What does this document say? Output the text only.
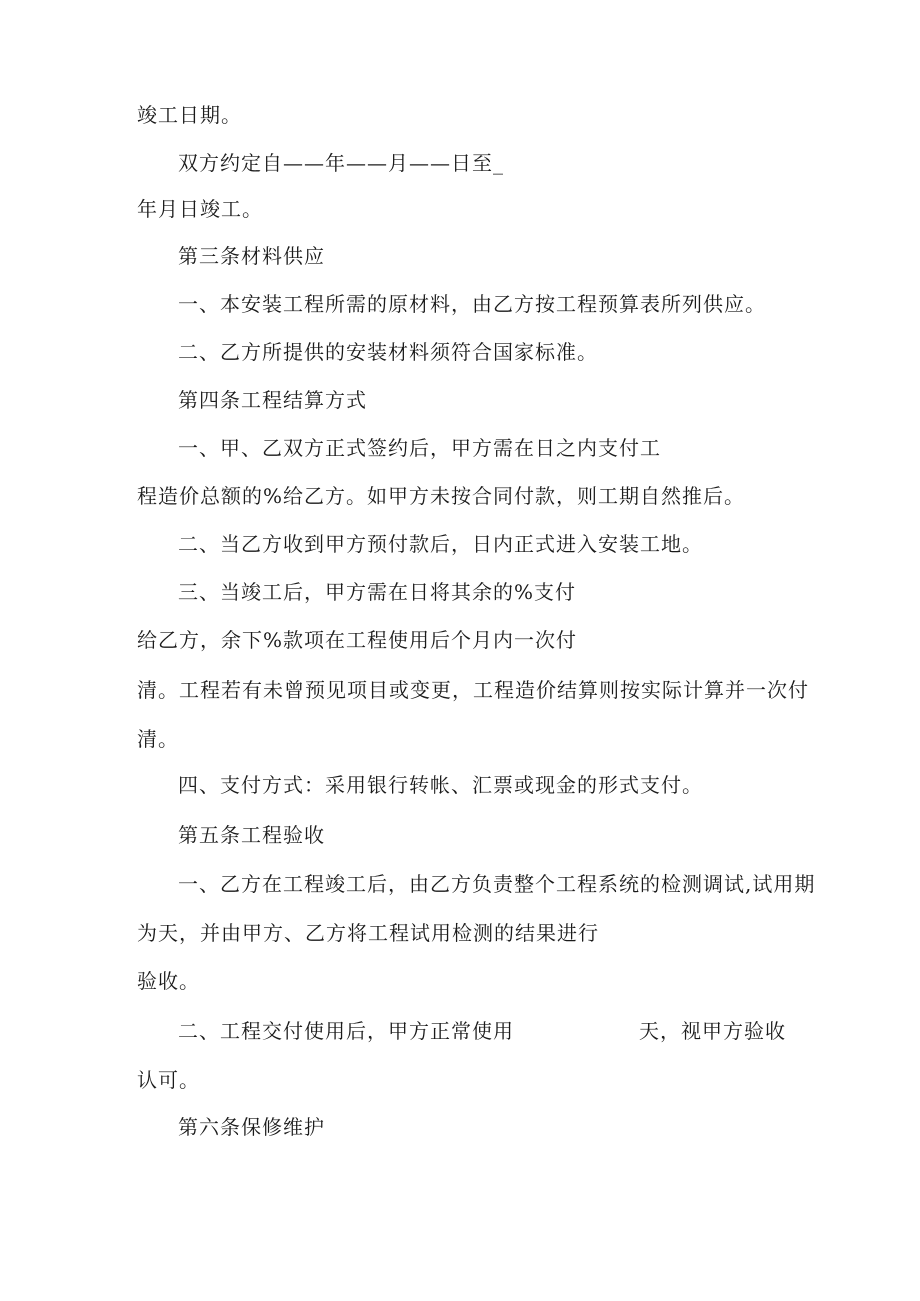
竣工日期。
双方约定自——年——月——日至_
年月日竣工。
第三条材料供应
一、本安装工程所需的原材料，由乙方按工程预算表所列供应。
二、乙方所提供的安装材料须符合国家标准。
第四条工程结算方式
一、甲、乙双方正式签约后，甲方需在日之内支付工
程造价总额的%给乙方。如甲方未按合同付款，则工期自然推后。
二、当乙方收到甲方预付款后，日内正式进入安装工地。
三、当竣工后，甲方需在日将其余的%支付
给乙方，余下%款项在工程使用后个月内一次付
清。工程若有未曾预见项目或变更，工程造价结算则按实际计算并一次付
清。
四、支付方式：采用银行转帐、汇票或现金的形式支付。
第五条工程验收
一、乙方在工程竣工后，由乙方负责整个工程系统的检测调试,试用期
为天，并由甲方、乙方将工程试用检测的结果进行
验收。
二、工程交付使用后，甲方正常使用	天，视甲方验收
认可。
第六条保修维护
